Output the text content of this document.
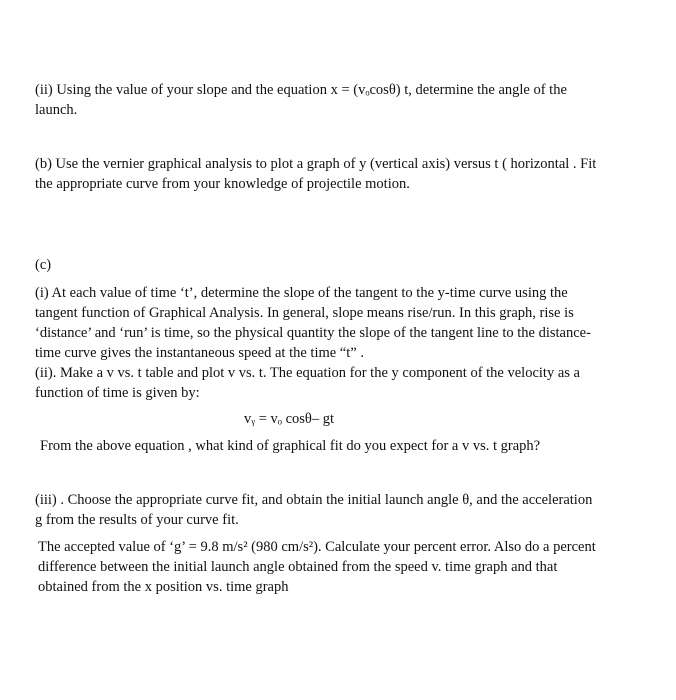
(ii) Using the value of your slope and the equation x = (vₒcosθ) t, determine the angle of the
launch.
(b) Use the vernier graphical analysis to plot a graph of y (vertical axis) versus t ( horizontal . Fit
the appropriate curve from your knowledge of projectile motion.
(c)
(i) At each value of time ‘t’, determine the slope of the tangent to the y-time curve using the
tangent function of Graphical Analysis. In general, slope means rise/run. In this graph, rise is
‘distance’ and ‘run’ is time, so the physical quantity the slope of the tangent line to the distance-
time curve gives the instantaneous speed at the time “t” .
(ii). Make a v vs. t table and plot v vs. t. The equation for the y component of the velocity as a
function of time is given by:
vᵧ = vₒ cosθ– gt
From the above equation , what kind of graphical fit do you expect for a v vs. t graph?
(iii) . Choose the appropriate curve fit, and obtain the initial launch angle θ, and the acceleration
g from the results of your curve fit.
The accepted value of ‘g’ = 9.8 m/s² (980 cm/s²). Calculate your percent error. Also do a percent
difference between the initial launch angle obtained from the speed v. time graph and that
obtained from the x position vs. time graph
